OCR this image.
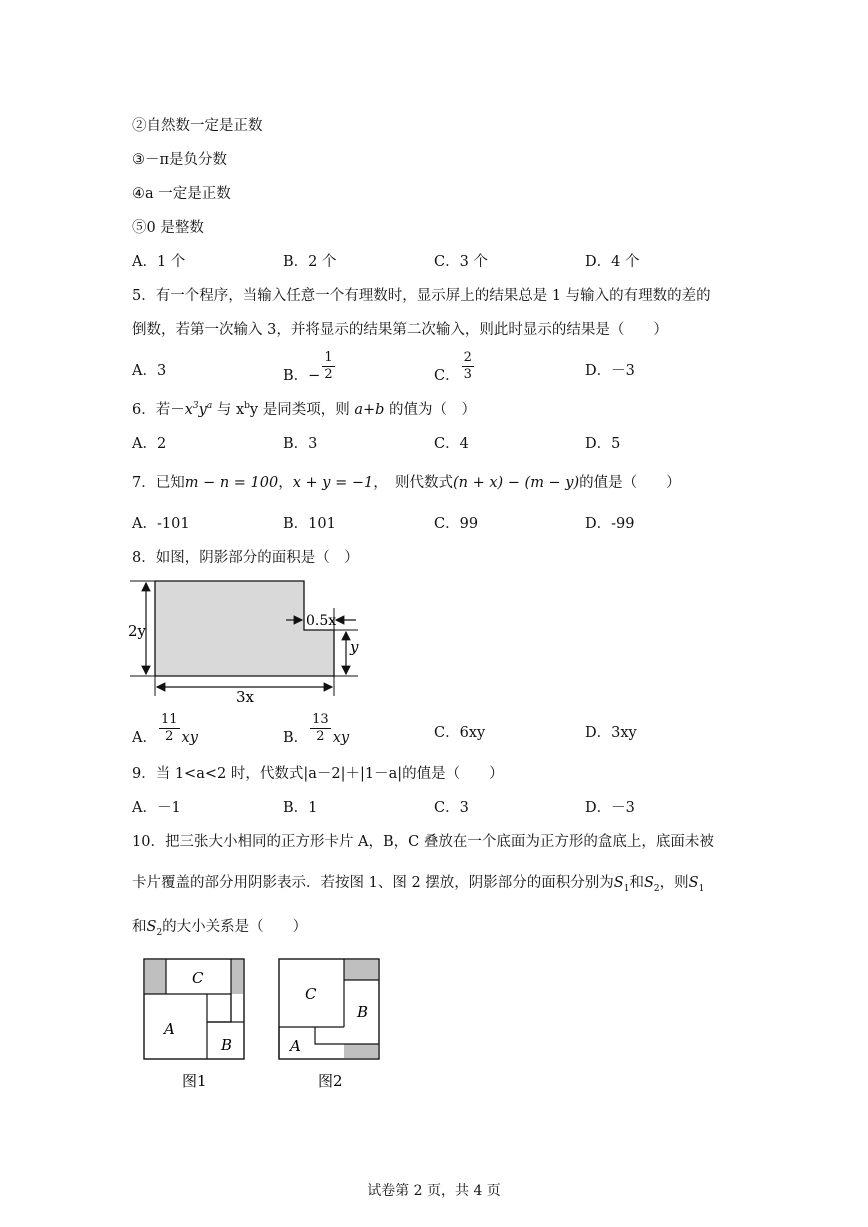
②自然数一定是正数
③－π是负分数
④a 一定是正数
⑤0 是整数
A．1 个	B．2 个	C．3 个	D．4 个
5．有一个程序，当输入任意一个有理数时，显示屏上的结果总是 1 与输入的有理数的差的
倒数，若第一次输入 3，并将显示的结果第二次输入，则此时显示的结果是（　　）
A．3	B．− $\frac{1}{2}$	C． $\frac{2}{3}$	D．－3
6．若$-x^3y^a$ 与 $x^by$ 是同类项，则 a+b 的值为（　）
A．2	B．3	C．4	D．5
7．已知m − n = 100，x + y = −1，　则代数式(n + x) − (m − y)的值是（　　）
A．-101	B．101	C．99	D．-99
8．如图，阴影部分的面积是（　）
2y
0.5x
y
3x
A． $\frac{11}{2}$ xy	B． $\frac{13}{2}$ xy	C．6xy	D．3xy
9．当 1<a<2 时，代数式|a－2|＋|1－a|的值是（　　）
A．－1	B．1	C．3	D．－3
10．把三张大小相同的正方形卡片 A，B，C 叠放在一个底面为正方形的盒底上，底面未被
卡片覆盖的部分用阴影表示．若按图 1、图 2 摆放，阴影部分的面积分别为$S_1$和$S_2$，则$S_1$
和$S_2$的大小关系是（　　）
C
A
B
图1
C
B
A
图2
试卷第 2 页，共 4 页
